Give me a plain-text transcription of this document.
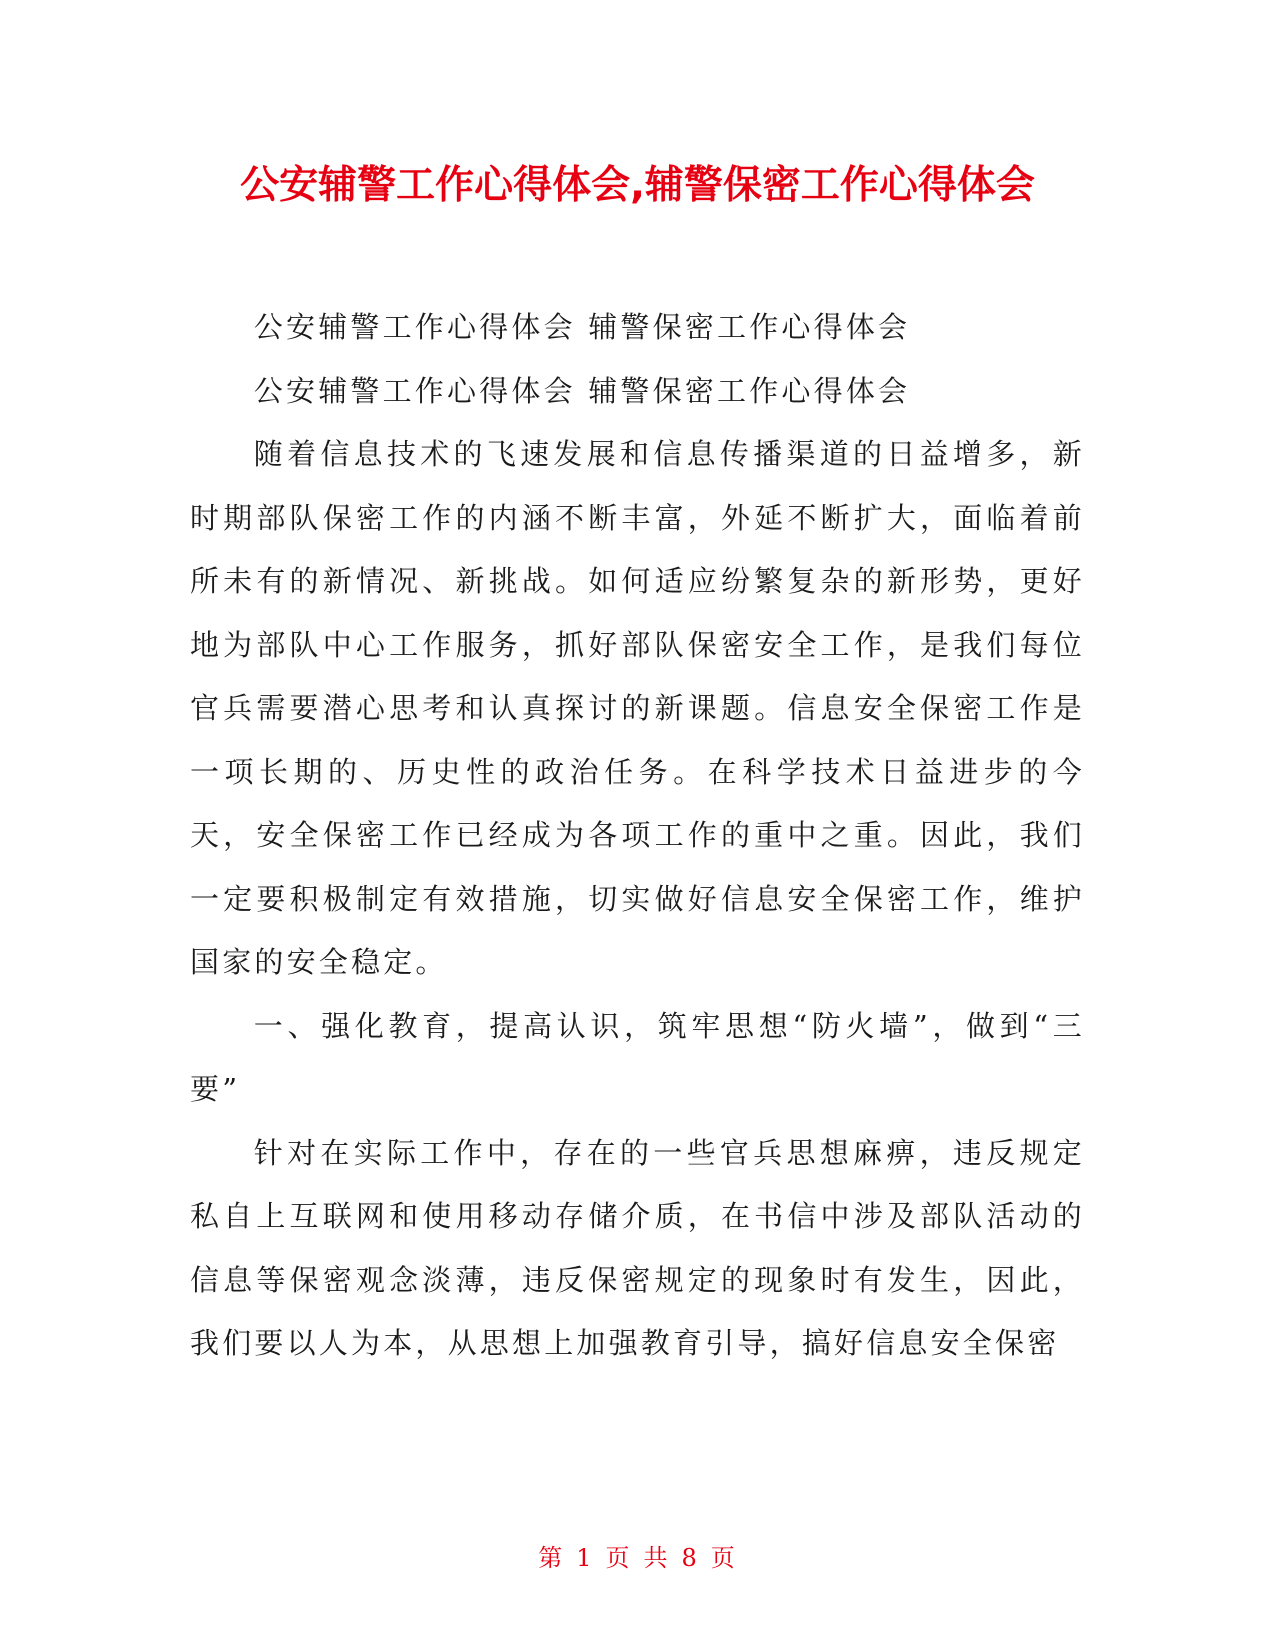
公安辅警工作心得体会,辅警保密工作心得体会

公安辅警工作心得体会 辅警保密工作心得体会

公安辅警工作心得体会 辅警保密工作心得体会

随着信息技术的飞速发展和信息传播渠道的日益增多，新时期部队保密工作的内涵不断丰富，外延不断扩大，面临着前所未有的新情况、新挑战。如何适应纷繁复杂的新形势，更好地为部队中心工作服务，抓好部队保密安全工作，是我们每位官兵需要潜心思考和认真探讨的新课题。信息安全保密工作是一项长期的、历史性的政治任务。在科学技术日益进步的今天，安全保密工作已经成为各项工作的重中之重。因此，我们一定要积极制定有效措施，切实做好信息安全保密工作，维护国家的安全稳定。

一、强化教育，提高认识，筑牢思想“防火墙”，做到“三要”

针对在实际工作中，存在的一些官兵思想麻痹，违反规定私自上互联网和使用移动存储介质，在书信中涉及部队活动的信息等保密观念淡薄，违反保密规定的现象时有发生，因此，我们要以人为本，从思想上加强教育引导，搞好信息安全保密

第 1 页 共 8 页
